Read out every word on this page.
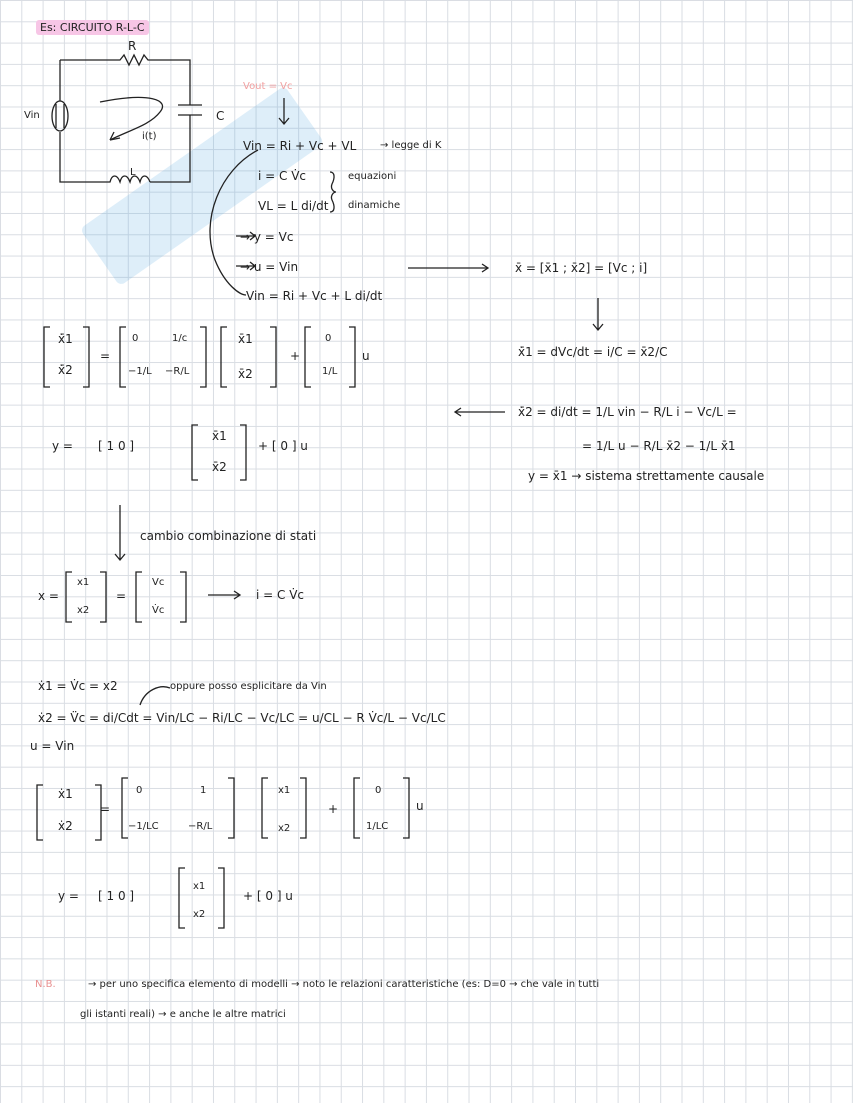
Es: CIRCUITO R-L-C
R
C
L
Vin
i(t)
Vout = Vc
Vin = Ri + Vc + VL → legge di K
i = C V̇c
VL = L di/dt
equazioni
dinamiche
→ y = Vc
→ u = Vin
Vin = Ri + Vc + L di/dt
x̄ = [x̄1 ; x̄2] = [Vc ; i]
ẋ̄1 = dVc/dt = i/C = x̄2/C
ẋ̄2 = di/dt = 1/L vin − R/L i − Vc/L =
= 1/L u − R/L x̄2 − 1/L x̄1
y = x̄1 → sistema strettamente causale
ẋ̄1
ẋ̄2
=
0	1/c
−1/L −R/L
x̄1
x̄2
+
0
1/L
u
y = [ 1 0 ]
x̄1
x̄2
+ [ 0 ] u
cambio combinazione di stati
x =
x1
x2
=
Vc
V̇c
i = C V̇c
ẋ1 = V̇c = x2	oppure posso esplicitare da Vin
ẋ2 = V̈c = di/Cdt = Vin/LC − Ri/LC − Vc/LC = u/CL − R V̇c/L − Vc/LC
u = Vin
ẋ1
ẋ2
=
0	1
−1/LC	−R/L
x1
x2
+
0
1/LC
u
y = [ 1 0 ]
x1
x2
+ [ 0 ] u
N.B.	→ per uno specifica elemento di modelli → noto le relazioni caratteristiche (es: D=0 → che vale in tutti
gli istanti reali) → e anche le altre matrici
